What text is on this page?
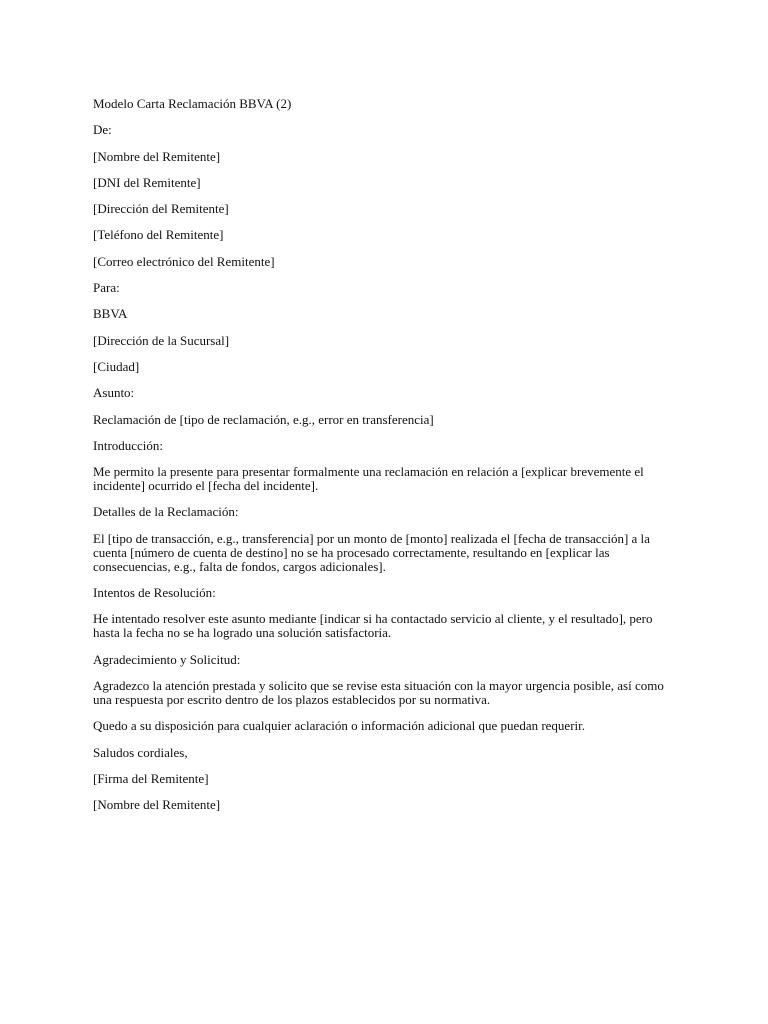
Modelo Carta Reclamación BBVA (2)

De:

[Nombre del Remitente]

[DNI del Remitente]

[Dirección del Remitente]

[Teléfono del Remitente]

[Correo electrónico del Remitente]

Para:

BBVA

[Dirección de la Sucursal]

[Ciudad]

Asunto:

Reclamación de [tipo de reclamación, e.g., error en transferencia]

Introducción:

Me permito la presente para presentar formalmente una reclamación en relación a [explicar brevemente el incidente] ocurrido el [fecha del incidente].

Detalles de la Reclamación:

El [tipo de transacción, e.g., transferencia] por un monto de [monto] realizada el [fecha de transacción] a la cuenta [número de cuenta de destino] no se ha procesado correctamente, resultando en [explicar las consecuencias, e.g., falta de fondos, cargos adicionales].

Intentos de Resolución:

He intentado resolver este asunto mediante [indicar si ha contactado servicio al cliente, y el resultado], pero hasta la fecha no se ha logrado una solución satisfactoria.

Agradecimiento y Solicitud:

Agradezco la atención prestada y solicito que se revise esta situación con la mayor urgencia posible, así como una respuesta por escrito dentro de los plazos establecidos por su normativa.

Quedo a su disposición para cualquier aclaración o información adicional que puedan requerir.

Saludos cordiales,

[Firma del Remitente]

[Nombre del Remitente]
